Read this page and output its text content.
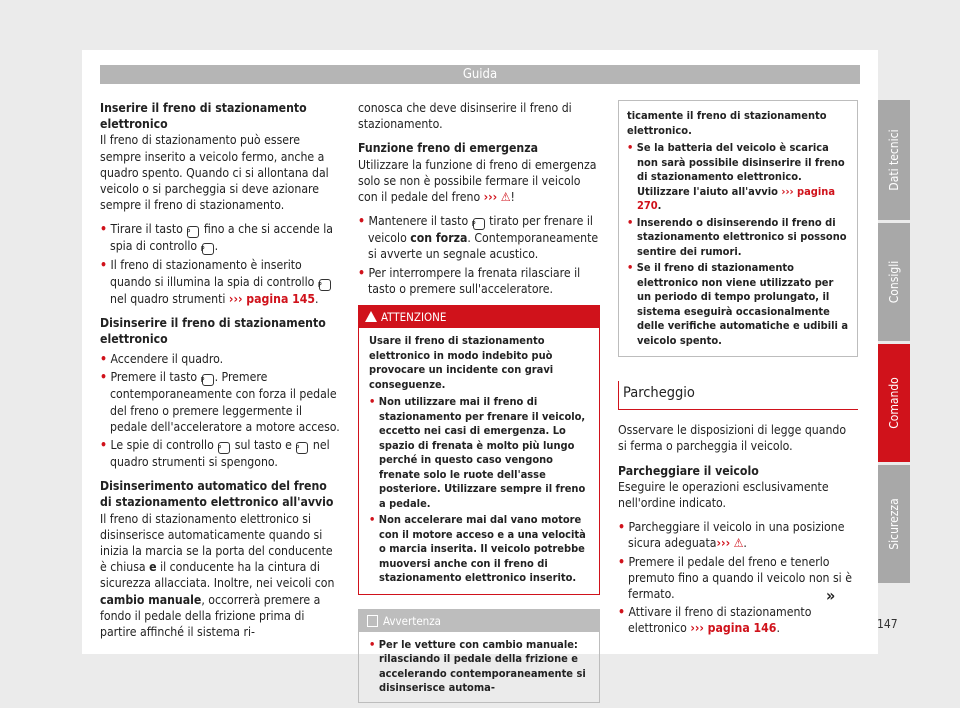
Guida

Inserire il freno di stazionamento elettronico

Il freno di stazionamento può essere sempre inserito a veicolo fermo, anche a quadro spento. Quando ci si allontana dal veicolo o si parcheggia si deve azionare sempre il freno di stazionamento.

• Tirare il tasto P fino a che si accende la spia di controllo P .

• Il freno di stazionamento è inserito quando si illumina la spia di controllo P nel quadro strumenti ››› pagina 145.

Disinserire il freno di stazionamento elettronico

• Accendere il quadro.

• Premere il tasto P . Premere contemporaneamente con forza il pedale del freno o premere leggermente il pedale dell'acceleratore a motore acceso.

• Le spie di controllo P sul tasto e P nel quadro strumenti si spengono.

Disinserimento automatico del freno di stazionamento elettronico all'avvio

Il freno di stazionamento elettronico si disinserisce automaticamente quando si inizia la marcia se la porta del conducente è chiusa e il conducente ha la cintura di sicurezza allacciata. Inoltre, nei veicoli con cambio manuale, occorrerà premere a fondo il pedale della frizione prima di partire affinché il sistema ri-

conosca che deve disinserire il freno di stazionamento.

Funzione freno di emergenza

Utilizzare la funzione di freno di emergenza solo se non è possibile fermare il veicolo con il pedale del freno ››› ⚠!

• Mantenere il tasto P tirato per frenare il veicolo con forza. Contemporaneamente si avverte un segnale acustico.

• Per interrompere la frenata rilasciare il tasto o premere sull'acceleratore.

ATTENZIONE

Usare il freno di stazionamento elettronico in modo indebito può provocare un incidente con gravi conseguenze.

• Non utilizzare mai il freno di stazionamento per frenare il veicolo, eccetto nei casi di emergenza. Lo spazio di frenata è molto più lungo perché in questo caso vengono frenate solo le ruote dell'asse posteriore. Utilizzare sempre il freno a pedale.

• Non accelerare mai dal vano motore con il motore acceso e a una velocità o marcia inserita. Il veicolo potrebbe muoversi anche con il freno di stazionamento elettronico inserito.

Avvertenza

• Per le vetture con cambio manuale: rilasciando il pedale della frizione e accelerando contemporaneamente si disinserisce automa-

ticamente il freno di stazionamento elettronico.

• Se la batteria del veicolo è scarica non sarà possibile disinserire il freno di stazionamento elettronico. Utilizzare l'aiuto all'avvio ››› pagina 270.

• Inserendo o disinserendo il freno di stazionamento elettronico si possono sentire dei rumori.

• Se il freno di stazionamento elettronico non viene utilizzato per un periodo di tempo prolungato, il sistema eseguirà occasionalmente delle verifiche automatiche e udibili a veicolo spento.

Parcheggio

Osservare le disposizioni di legge quando si ferma o parcheggia il veicolo.

Parcheggiare il veicolo

Eseguire le operazioni esclusivamente nell'ordine indicato.

• Parcheggiare il veicolo in una posizione sicura adeguata››› ⚠.

• Premere il pedale del freno e tenerlo premuto fino a quando il veicolo non si è fermato.

• Attivare il freno di stazionamento elettronico ››› pagina 146.

»
Dati tecnici
Consigli
Comando
Sicurezza
147
